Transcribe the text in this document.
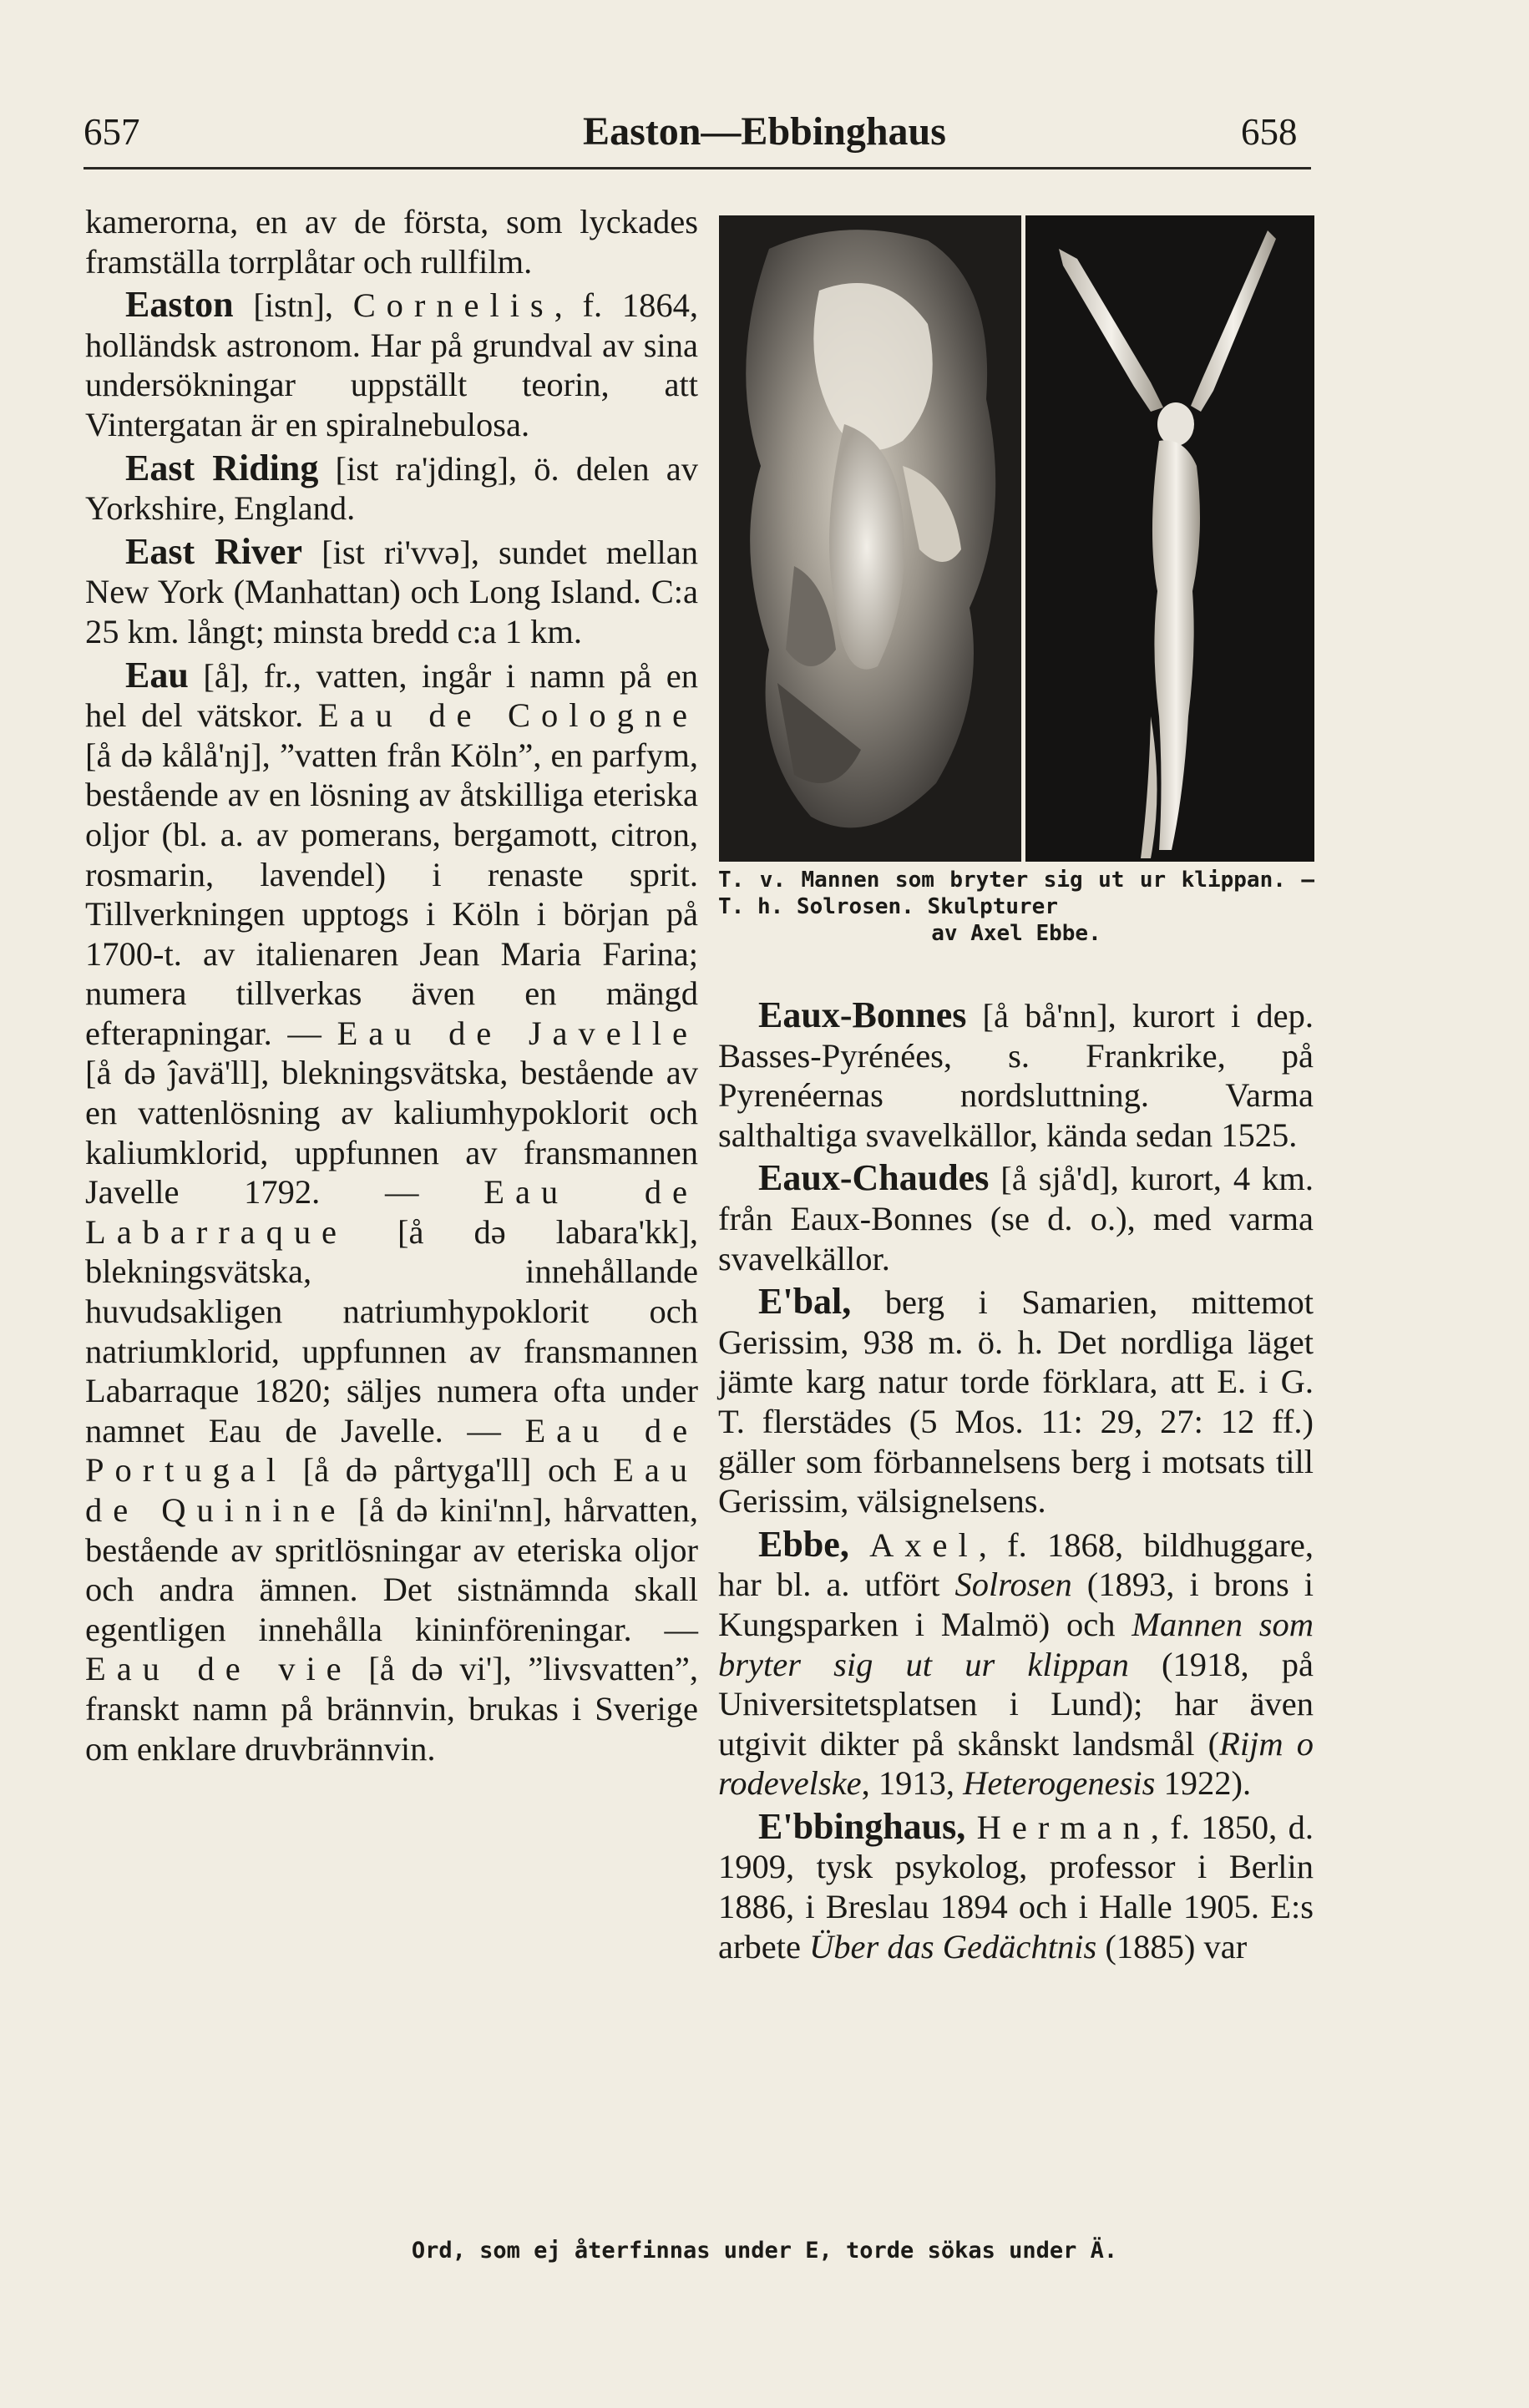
Easton—Ebbinghaus
657	658

kamerorna, en av de första, som lyckades framställa torrplåtar och rullfilm.

Easton [istn], Cornelis, f. 1864, holländsk astronom. Har på grundval av sina undersökningar uppställt teorin, att Vintergatan är en spiralnebulosa.

East Riding [ist ra'jding], ö. delen av Yorkshire, England.

East River [ist ri'vvə], sundet mellan New York (Manhattan) och Long Island. C:a 25 km. långt; minsta bredd c:a 1 km.

Eau [å], fr., vatten, ingår i namn på en hel del vätskor. Eau de Cologne [å də kålå'nj], ”vatten från Köln”, en parfym, bestående av en lösning av åtskilliga eteriska oljor (bl. a. av pomerans, bergamott, citron, rosmarin, lavendel) i renaste sprit. Tillverkningen upptogs i Köln i början på 1700-t. av italienaren Jean Maria Farina; numera tillverkas även en mängd efterapningar. — Eau de Javelle [å də ĵavä'll], blekningsvätska, bestående av en vattenlösning av kaliumhypoklorit och kaliumklorid, uppfunnen av fransmannen Javelle 1792. — Eau de Labarraque [å də labara'kk], blekningsvätska, innehållande huvudsakligen natriumhypoklorit och natriumklorid, uppfunnen av fransmannen Labarraque 1820; säljes numera ofta under namnet Eau de Javelle. — Eau de Portugal [å də pårtyga'll] och Eau de Quinine [å də kini'nn], hårvatten, bestående av spritlösningar av eteriska oljor och andra ämnen. Det sistnämnda skall egentligen innehålla kininföreningar. — Eau de vie [å də vi'], ”livsvatten”, franskt namn på brännvin, brukas i Sverige om enklare druvbrännvin.

T. v. Mannen som bryter sig ut ur klippan. — T. h. Solrosen. Skulpturer

av Axel Ebbe.

Eaux-Bonnes [å bå'nn], kurort i dep. Basses-Pyrénées, s. Frankrike, på Pyrenéernas nordsluttning. Varma salthaltiga svavelkällor, kända sedan 1525.

Eaux-Chaudes [å sjå'd], kurort, 4 km. från Eaux-Bonnes (se d. o.), med varma svavelkällor.

E'bal, berg i Samarien, mittemot Gerissim, 938 m. ö. h. Det nordliga läget jämte karg natur torde förklara, att E. i G. T. flerstädes (5 Mos. 11: 29, 27: 12 ff.) gäller som förbannelsens berg i motsats till Gerissim, välsignelsens.

Ebbe, Axel, f. 1868, bildhuggare, har bl. a. utfört Solrosen (1893, i brons i Kungsparken i Malmö) och Mannen som bryter sig ut ur klippan (1918, på Universitetsplatsen i Lund); har även utgivit dikter på skånskt landsmål (Rijm o rodevelske, 1913, Heterogenesis 1922).

E'bbinghaus, Herman, f. 1850, d. 1909, tysk psykolog, professor i Berlin 1886, i Breslau 1894 och i Halle 1905. E:s arbete Über das Gedächtnis (1885) var

Ord, som ej återfinnas under E, torde sökas under Ä.
